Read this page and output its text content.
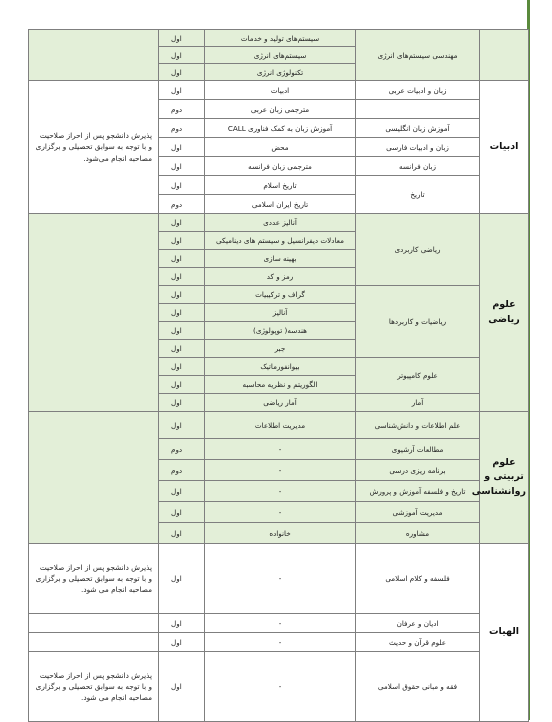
	مهندسی سیستم‌های انرژی	سیستم‌های تولید و خدمات	اول	
		سیستم‌های انرژی	اول	
		تکنولوژی انرژی	اول	
ادبیات	زبان و ادبیات عربی	ادبیات	اول	پذیرش دانشجو پس از احراز صلاحیت و با توجه به سوابق تحصیلی و برگزاری مصاحبه انجام می‌شود.
		مترجمی زبان عربی	دوم	
	آموزش زبان انگلیسی	آموزش زبان به کمک فناوری CALL	دوم	
	زبان و ادبیات فارسی	محض	اول	
	زبان فرانسه	مترجمی زبان فرانسه	اول	
	تاریخ	تاریخ اسلام	اول	
		تاریخ ایران اسلامی	دوم	
علوم ریاضی	ریاضی کاربردی	آنالیز عددی	اول	
		معادلات دیفرانسیل و سیستم های دینامیکی	اول	
		بهینه سازی	اول	
		رمز و کد	اول	
	ریاضیات و کاربردها	گراف و ترکیبیات	اول	
		آنالیز	اول	
		هندسه( توپولوژی)	اول	
		جبر	اول	
	علوم کامپیوتر	بیوانفورماتیک	اول	
		الگوریتم و نظریه محاسبه	اول	
	آمار	آمار ریاضی	اول	
علوم تربیتی و روانشناسی	علم اطلاعات و دانش‌شناسی	مدیریت اطلاعات	اول	
	مطالعات آرشیوی	-	دوم	
	برنامه ریزی درسی	-	دوم	
	تاریخ و فلسفه آموزش و پرورش	-	اول	
	مدیریت آموزشی	-	اول	
	مشاوره	خانواده	اول	
الهیات	فلسفه و کلام اسلامی	-	اول	پذیرش دانشجو پس از احراز صلاحیت و با توجه به سوابق تحصیلی و برگزاری مصاحبه انجام می شود.
	ادیان و عرفان	-	اول	
	علوم قرآن و حدیث	-	اول	
	فقه و مبانی حقوق اسلامی	-	اول	پذیرش دانشجو پس از احراز صلاحیت و با توجه به سوابق تحصیلی و برگزاری مصاحبه انجام می شود.
